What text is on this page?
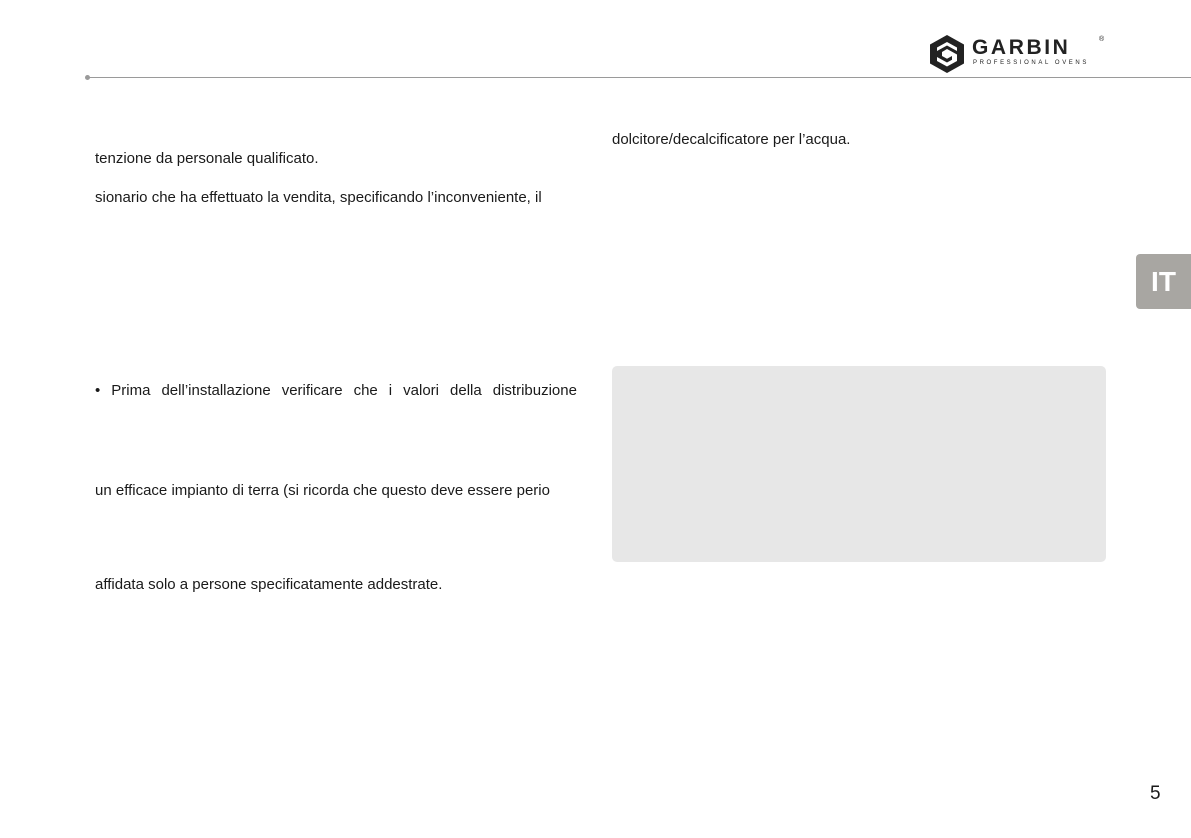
GARBIN	®
PROFESSIONAL OVENS
tenzione da personale qualificato.
sionario che ha effettuato la vendita, specificando l’inconveniente, il
• Prima dell’installazione verificare che i valori della distribuzione
un efficace impianto di terra (si ricorda che questo deve essere perio
affidata solo a persone specificatamente addestrate.
dolcitore/decalcificatore per l’acqua.
IT
5
